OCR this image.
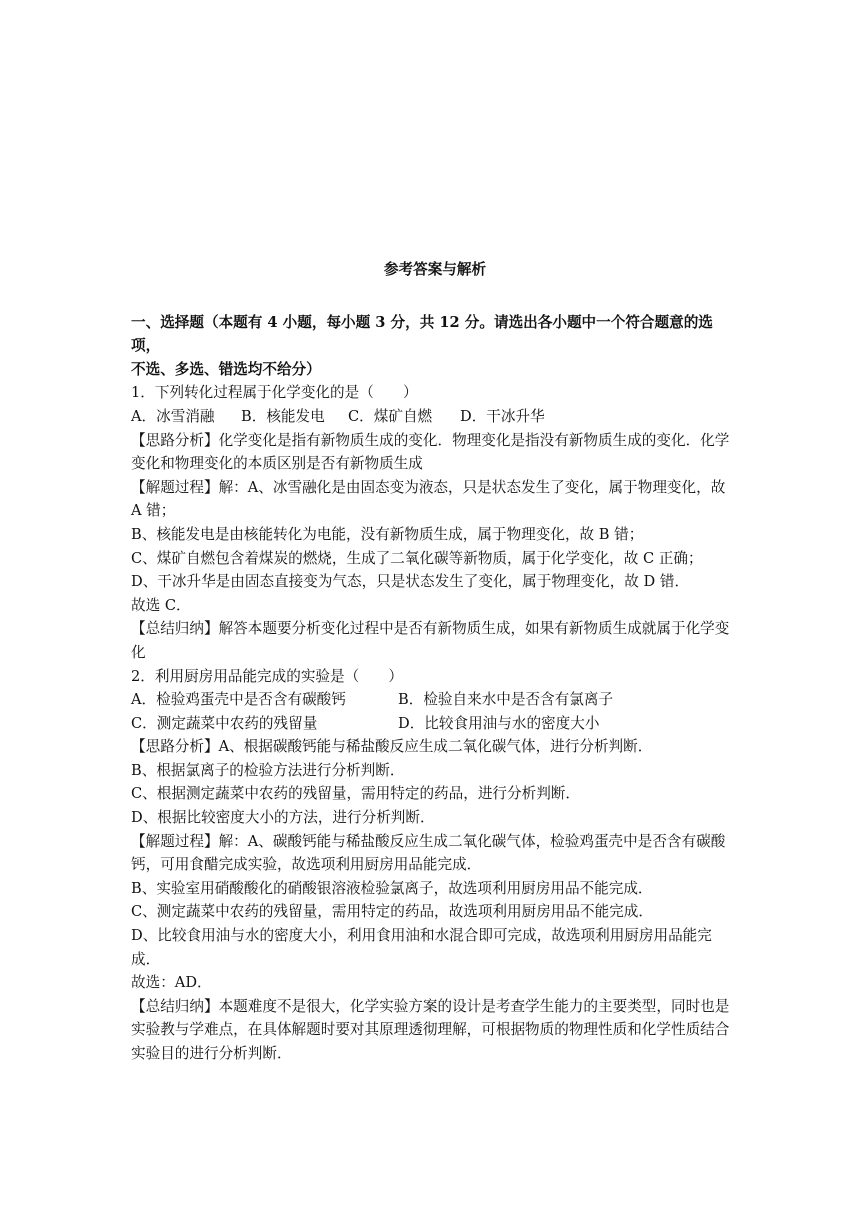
参考答案与解析

一、选择题（本题有 4 小题，每小题 3 分，共 12 分。请选出各小题中一个符合题意的选项，

不选、多选、错选均不给分）

1．下列转化过程属于化学变化的是（　　）

A．冰雪消融	B．核能发电	C．煤矿自燃	D．干冰升华

【思路分析】化学变化是指有新物质生成的变化．物理变化是指没有新物质生成的变化．化学变化和物理变化的本质区别是否有新物质生成

【解题过程】解：A、冰雪融化是由固态变为液态，只是状态发生了变化，属于物理变化，故 A 错；

B、核能发电是由核能转化为电能，没有新物质生成，属于物理变化，故 B 错；

C、煤矿自燃包含着煤炭的燃烧，生成了二氧化碳等新物质，属于化学变化，故 C 正确；

D、干冰升华是由固态直接变为气态，只是状态发生了变化，属于物理变化，故 D 错．

故选 C．

【总结归纳】解答本题要分析变化过程中是否有新物质生成，如果有新物质生成就属于化学变化

2．利用厨房用品能完成的实验是（　　）

A．检验鸡蛋壳中是否含有碳酸钙	B．检验自来水中是否含有氯离子
C．测定蔬菜中农药的残留量	D．比较食用油与水的密度大小

【思路分析】A、根据碳酸钙能与稀盐酸反应生成二氧化碳气体，进行分析判断．

B、根据氯离子的检验方法进行分析判断．

C、根据测定蔬菜中农药的残留量，需用特定的药品，进行分析判断．

D、根据比较密度大小的方法，进行分析判断．

【解题过程】解：A、碳酸钙能与稀盐酸反应生成二氧化碳气体，检验鸡蛋壳中是否含有碳酸钙，可用食醋完成实验，故选项利用厨房用品能完成．

B、实验室用硝酸酸化的硝酸银溶液检验氯离子，故选项利用厨房用品不能完成．

C、测定蔬菜中农药的残留量，需用特定的药品，故选项利用厨房用品不能完成．

D、比较食用油与水的密度大小，利用食用油和水混合即可完成，故选项利用厨房用品能完成．

故选：AD．

【总结归纳】本题难度不是很大，化学实验方案的设计是考查学生能力的主要类型，同时也是实验教与学难点，在具体解题时要对其原理透彻理解，可根据物质的物理性质和化学性质结合实验目的进行分析判断．
